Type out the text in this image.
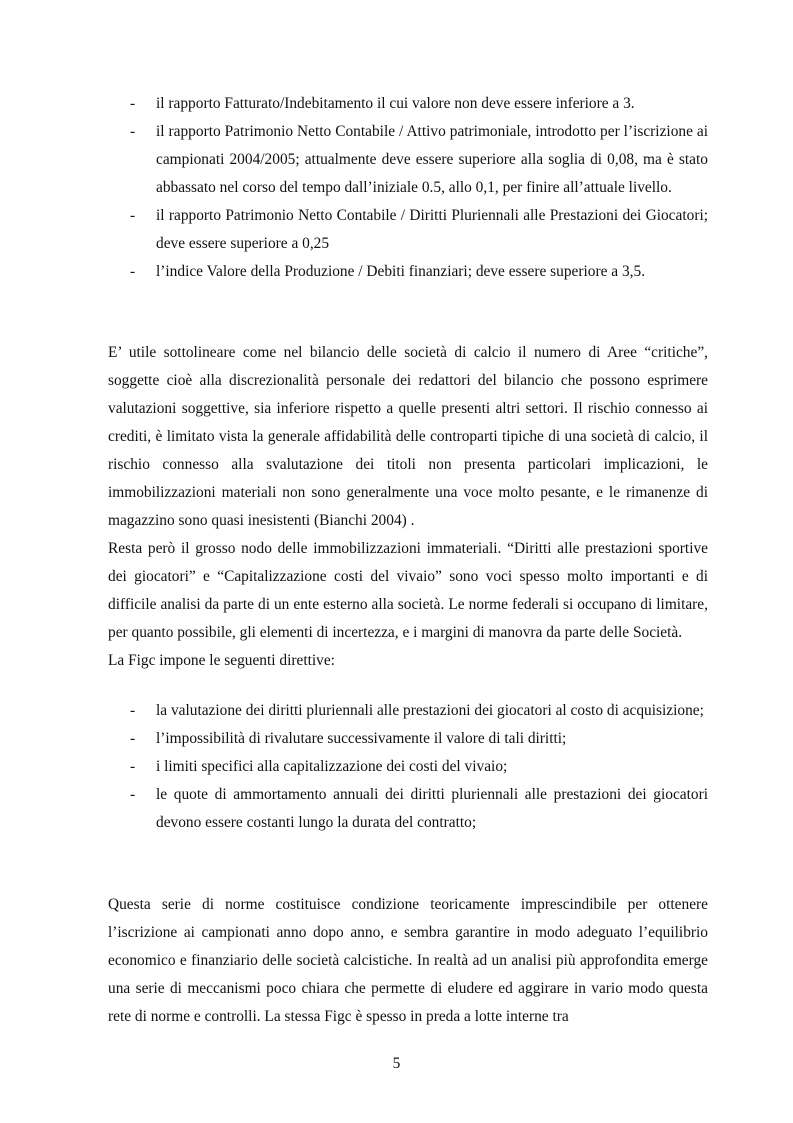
- il rapporto Fatturato/Indebitamento il cui valore non deve essere inferiore a 3.
- il rapporto Patrimonio Netto Contabile / Attivo patrimoniale, introdotto per l’iscrizione ai campionati 2004/2005; attualmente deve essere superiore alla soglia di 0,08, ma è stato abbassato nel corso del tempo dall’iniziale 0.5, allo 0,1, per finire all’attuale livello.
- il rapporto Patrimonio Netto Contabile / Diritti Pluriennali alle Prestazioni dei Giocatori; deve essere superiore a 0,25
- l’indice Valore della Produzione / Debiti finanziari; deve essere superiore a 3,5.

E’ utile sottolineare come nel bilancio delle società di calcio il numero di Aree “critiche”, soggette cioè alla discrezionalità personale dei redattori del bilancio che possono esprimere valutazioni soggettive, sia inferiore rispetto a quelle presenti altri settori. Il rischio connesso ai crediti, è limitato vista la generale affidabilità delle controparti tipiche di una società di calcio, il rischio connesso alla svalutazione dei titoli non presenta particolari implicazioni, le immobilizzazioni materiali non sono generalmente una voce molto pesante, e le rimanenze di magazzino sono quasi inesistenti (Bianchi 2004) .

Resta però il grosso nodo delle immobilizzazioni immateriali. “Diritti alle prestazioni sportive dei giocatori” e “Capitalizzazione costi del vivaio” sono voci spesso molto importanti e di difficile analisi da parte di un ente esterno alla società. Le norme federali si occupano di limitare, per quanto possibile, gli elementi di incertezza, e i margini di manovra da parte delle Società.

La Figc impone le seguenti direttive:

- la valutazione dei diritti pluriennali alle prestazioni dei giocatori al costo di acquisizione;
- l’impossibilità di rivalutare successivamente il valore di tali diritti;
- i limiti specifici alla capitalizzazione dei costi del vivaio;
- le quote di ammortamento annuali dei diritti pluriennali alle prestazioni dei giocatori devono essere costanti lungo la durata del contratto;

Questa serie di norme costituisce condizione teoricamente imprescindibile per ottenere l’iscrizione ai campionati anno dopo anno, e sembra garantire in modo adeguato l’equilibrio economico e finanziario delle società calcistiche. In realtà ad un analisi più approfondita emerge una serie di meccanismi poco chiara che permette di eludere ed aggirare in vario modo questa rete di norme e controlli. La stessa Figc è spesso in preda a lotte interne tra

5
